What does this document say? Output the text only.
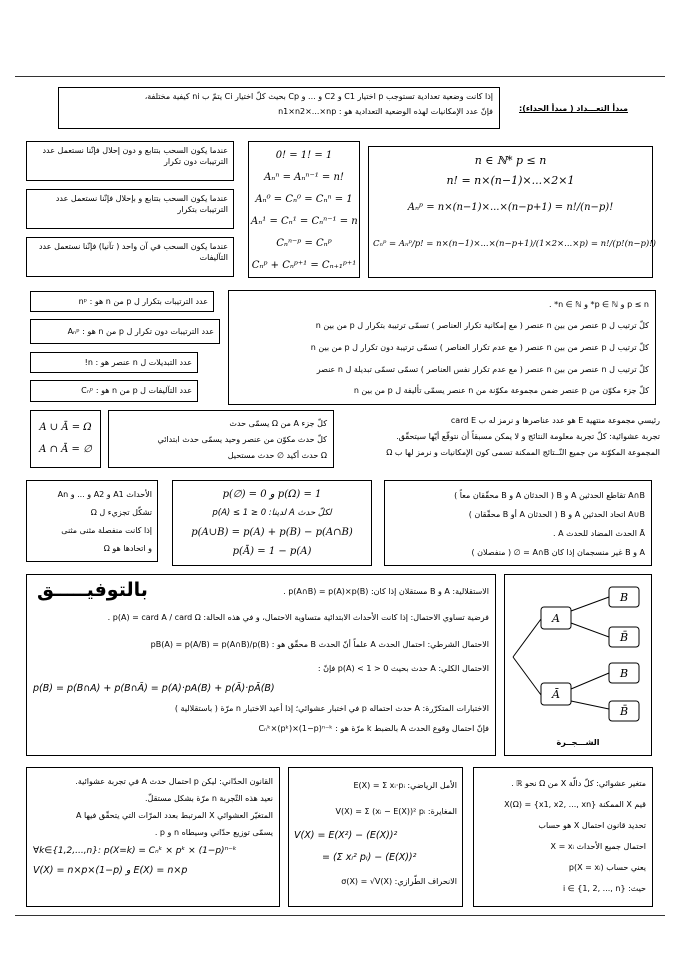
إذا كانت وضعية تعدادية تستوجب p اختيار C1 و C2 و ... و Cp بحيث كلّ اختيار Ci يتمّ ب ni كيفية مختلفة،
فإنّ عدد الإمكانيات لهذه الوضعية التعدادية هو : n1×n2×...×np	مبدأ التعـــداد ( مبدأ الجداء):
عندما يكون السحب بتتابع و دون إحلال فإنّنا نستعمل عدد الترتيبات دون تكرار
عندما يكون السحب بتتابع و بإحلال فإنّنا نستعمل عدد الترتيبات بتكرار
عندما يكون السحب في آن واحد ( تآنيا) فإنّنا نستعمل عدد التآليفات
0! = 1! = 1
Aₙⁿ = Aₙⁿ⁻¹ = n!
Aₙ⁰ = Cₙ⁰ = Cₙⁿ = 1
Aₙ¹ = Cₙ¹ = Cₙⁿ⁻¹ = n
Cₙⁿ⁻ᵖ = Cₙᵖ
Cₙᵖ + Cₙᵖ⁺¹ = Cₙ₊₁ᵖ⁺¹
n ∈ ℕ* p ≤ n
n! = n×(n−1)×...×2×1
Aₙᵖ = n×(n−1)×...×(n−p+1) = n!/(n−p)!
Cₙᵖ = Aₙᵖ/p! = n×(n−1)×...×(n−p+1)/(1×2×...×p) = n!/(p!(n−p)!)
عدد الترتيبات بتكرار ل p من n هو : nᵖ
عدد الترتيبات دون تكرار ل p من n هو : Aₙᵖ
عدد التبديلات ل n عنصر هو : n!
عدد التآليفات ل p من n هو : Cₙᵖ
p ≤ n و p ∈ ℕ* و n ∈ ℕ* .
كلّ ترتيب ل p عنصر من بين n عنصر ( مع إمكانية تكرار العناصر ) تسمّى ترتيبة بتكرار ل p من بين n
كلّ ترتيب ل p عنصر من بين n عنصر ( مع عدم تكرار العناصر ) تسمّى ترتيبة دون تكرار ل p من بين n
كلّ ترتيب ل n عنصر من بين n عنصر ( مع عدم تكرار نفس العناصر ) تسمّى تسمّى تبديلة ل n عنصر
كلّ جزء مكوّن من p عنصر ضمن مجموعة مكوّنة من n عنصر يسمّى تأليفة ل p من بين n
A ∪ Ā = Ω
A ∩ Ā = ∅
كلّ جزء A من Ω يسمّى حدث
كلّ حدث مكوّن من عنصر وحيد يسمّى حدث ابتدائي
Ω حدث أكيد ∅ حدث مستحيل
رئيسي مجموعة منتهية E هو عدد عناصرها و نرمز له ب card E
تجربة عشوائية: كلّ تجربة معلومة النتائج و لا يمكن مسبقاً أن نتوقّع أيّها سيتحقّق.
المجموعة المكوّنة من جميع النّــتائج الممكنة تسمى كون الإمكانيات و نرمز لها ب Ω
الأحداث A1 و A2 و ... و An
تشكّل تجزيء ل Ω
إذا كانت منفصلة مثنى مثنى
و اتحادها هو Ω
p(∅) = 0 و p(Ω) = 1
لكلّ حدث A لدينا: 0 ≤ p(A) ≤ 1
p(A∪B) = p(A) + p(B) − p(A∩B)
p(Ā) = 1 − p(A)
A∩B تقاطع الحدثين A و B ( الحدثان A و B محقّقان معاً )
A∪B اتحاد الحدثين A و B ( الحدثان A أو B محقّقان )
Ā الحدث المضاد للحدث A .
A و B غير منسجمان إذا كان A∩B = ∅ ( منفصلان )
بالتوفيـــــق	الاستقلالية: A و B مستقلان إذا كان: p(A∩B) = p(A)×p(B) .
فرضية تساوي الاحتمال: إذا كانت الأحداث الابتدائية متساوية الاحتمال، و في هذه الحالة: p(A) = card A / card Ω .
الاحتمال الشرطي: احتمال الحدث A علماً أنّ الحدث B محقّق هو : pB(A) = p(A/B) = p(A∩B)/p(B)
الاحتمال الكلي: A حدث بحيث 0 < p(A) < 1 فإنّ :
p(B) = p(B∩A) + p(B∩Ā) = p(A)·pA(B) + p(Ā)·pĀ(B)
الاختبارات المتكرّرة: A حدث احتماله p في اختبار عشوائي؛ إذا أعيد الاختبار n مرّة ( باستقلالية )
فإنّ احتمال وقوع الحدث A بالضبط k مرّة هو : Cₙᵏ×(pᵏ)×(1−p)ⁿ⁻ᵏ
A
Ā
B
B̄
B
B̄
الشـــجــرة
القانون الحدّاني: ليكن p احتمال حدث A في تجربة عشوائية.
نعيد هذه التّجربة n مرّة بشكل مستقلّ.
المتغيّر العشوائي X المرتبط بعدد المرّات التي يتحقّق فيها A
يسمّى توزيع حدّاني وسيطاه n و p .
∀k∈{1,2,...,n}: p(X=k) = Cₙᵏ × pᵏ × (1−p)ⁿ⁻ᵏ
V(X) = n×p×(1−p) و E(X) = n×p
الأمل الرياضي: E(X) = Σ xᵢ·pᵢ
المغايرة: V(X) = Σ (xᵢ − E(X))² pᵢ
V(X) = E(X²) − (E(X))²
= (Σ xᵢ² pᵢ) − (E(X))²
الانحراف الطّرازي: σ(X) = √V(X)
متغير عشوائي: كلّ دالّة X من Ω نحو ℝ .
قيم X الممكنة X(Ω) = {x1, x2, ..., xn}
تحديد قانون احتمال X هو حساب
احتمال جميع الأحداث X = xᵢ
يعني حساب p(X = xᵢ)
حيث: i ∈ {1, 2, ..., n}
